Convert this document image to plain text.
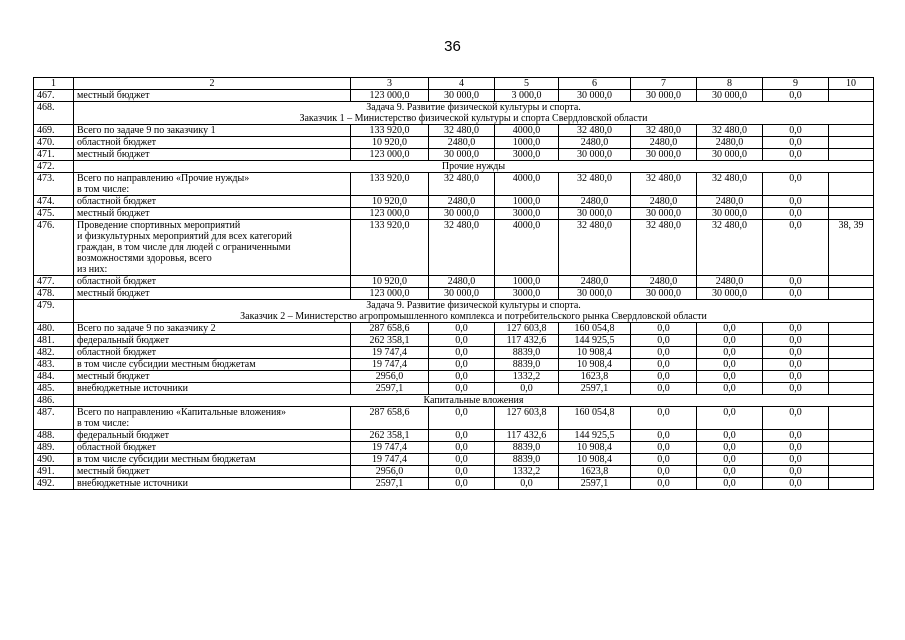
36
1	2	3	4	5	6	7	8	9	10
467.	местный бюджет	123 000,0	30 000,0	3 000,0	30 000,0	30 000,0	30 000,0	0,0	
468.	Задача 9. Развитие физической культуры и спорта.
Заказчик 1 – Министерство физической культуры и спорта Свердловской области								

469.	Всего по задаче 9 по заказчику 1	133 920,0	32 480,0	4000,0	32 480,0	32 480,0	32 480,0	0,0	
470.	областной бюджет	10 920,0	2480,0	1000,0	2480,0	2480,0	2480,0	0,0	
471.	местный бюджет	123 000,0	30 000,0	3000,0	30 000,0	30 000,0	30 000,0	0,0	
472.	Прочие нужды								

473.	Всего по направлению «Прочие нужды»
в том числе:	133 920,0	32 480,0	4000,0	32 480,0	32 480,0	32 480,0	0,0	
474.	областной бюджет	10 920,0	2480,0	1000,0	2480,0	2480,0	2480,0	0,0	
475.	местный бюджет	123 000,0	30 000,0	3000,0	30 000,0	30 000,0	30 000,0	0,0	
476.	Проведение спортивных мероприятий
и физкультурных мероприятий для всех категорий
граждан, в том числе для людей с ограниченными
возможностями здоровья, всего
из них:	133 920,0	32 480,0	4000,0	32 480,0	32 480,0	32 480,0	0,0	38, 39
477.	областной бюджет	10 920,0	2480,0	1000,0	2480,0	2480,0	2480,0	0,0	
478.	местный бюджет	123 000,0	30 000,0	3000,0	30 000,0	30 000,0	30 000,0	0,0	
479.	Задача 9. Развитие физической культуры и спорта.
Заказчик 2 – Министерство агропромышленного комплекса и потребительского рынка Свердловской области								

480.	Всего по задаче 9 по заказчику 2	287 658,6	0,0	127 603,8	160 054,8	0,0	0,0	0,0	
481.	федеральный бюджет	262 358,1	0,0	117 432,6	144 925,5	0,0	0,0	0,0	
482.	областной бюджет	19 747,4	0,0	8839,0	10 908,4	0,0	0,0	0,0	
483.	в том числе субсидии местным бюджетам	19 747,4	0,0	8839,0	10 908,4	0,0	0,0	0,0	
484.	местный бюджет	2956,0	0,0	1332,2	1623,8	0,0	0,0	0,0	
485.	внебюджетные источники	2597,1	0,0	0,0	2597,1	0,0	0,0	0,0	
486.	Капитальные вложения								

487.	Всего по направлению «Капитальные вложения»
в том числе:	287 658,6	0,0	127 603,8	160 054,8	0,0	0,0	0,0	
488.	федеральный бюджет	262 358,1	0,0	117 432,6	144 925,5	0,0	0,0	0,0	
489.	областной бюджет	19 747,4	0,0	8839,0	10 908,4	0,0	0,0	0,0	
490.	в том числе субсидии местным бюджетам	19 747,4	0,0	8839,0	10 908,4	0,0	0,0	0,0	
491.	местный бюджет	2956,0	0,0	1332,2	1623,8	0,0	0,0	0,0	
492.	внебюджетные источники	2597,1	0,0	0,0	2597,1	0,0	0,0	0,0	
